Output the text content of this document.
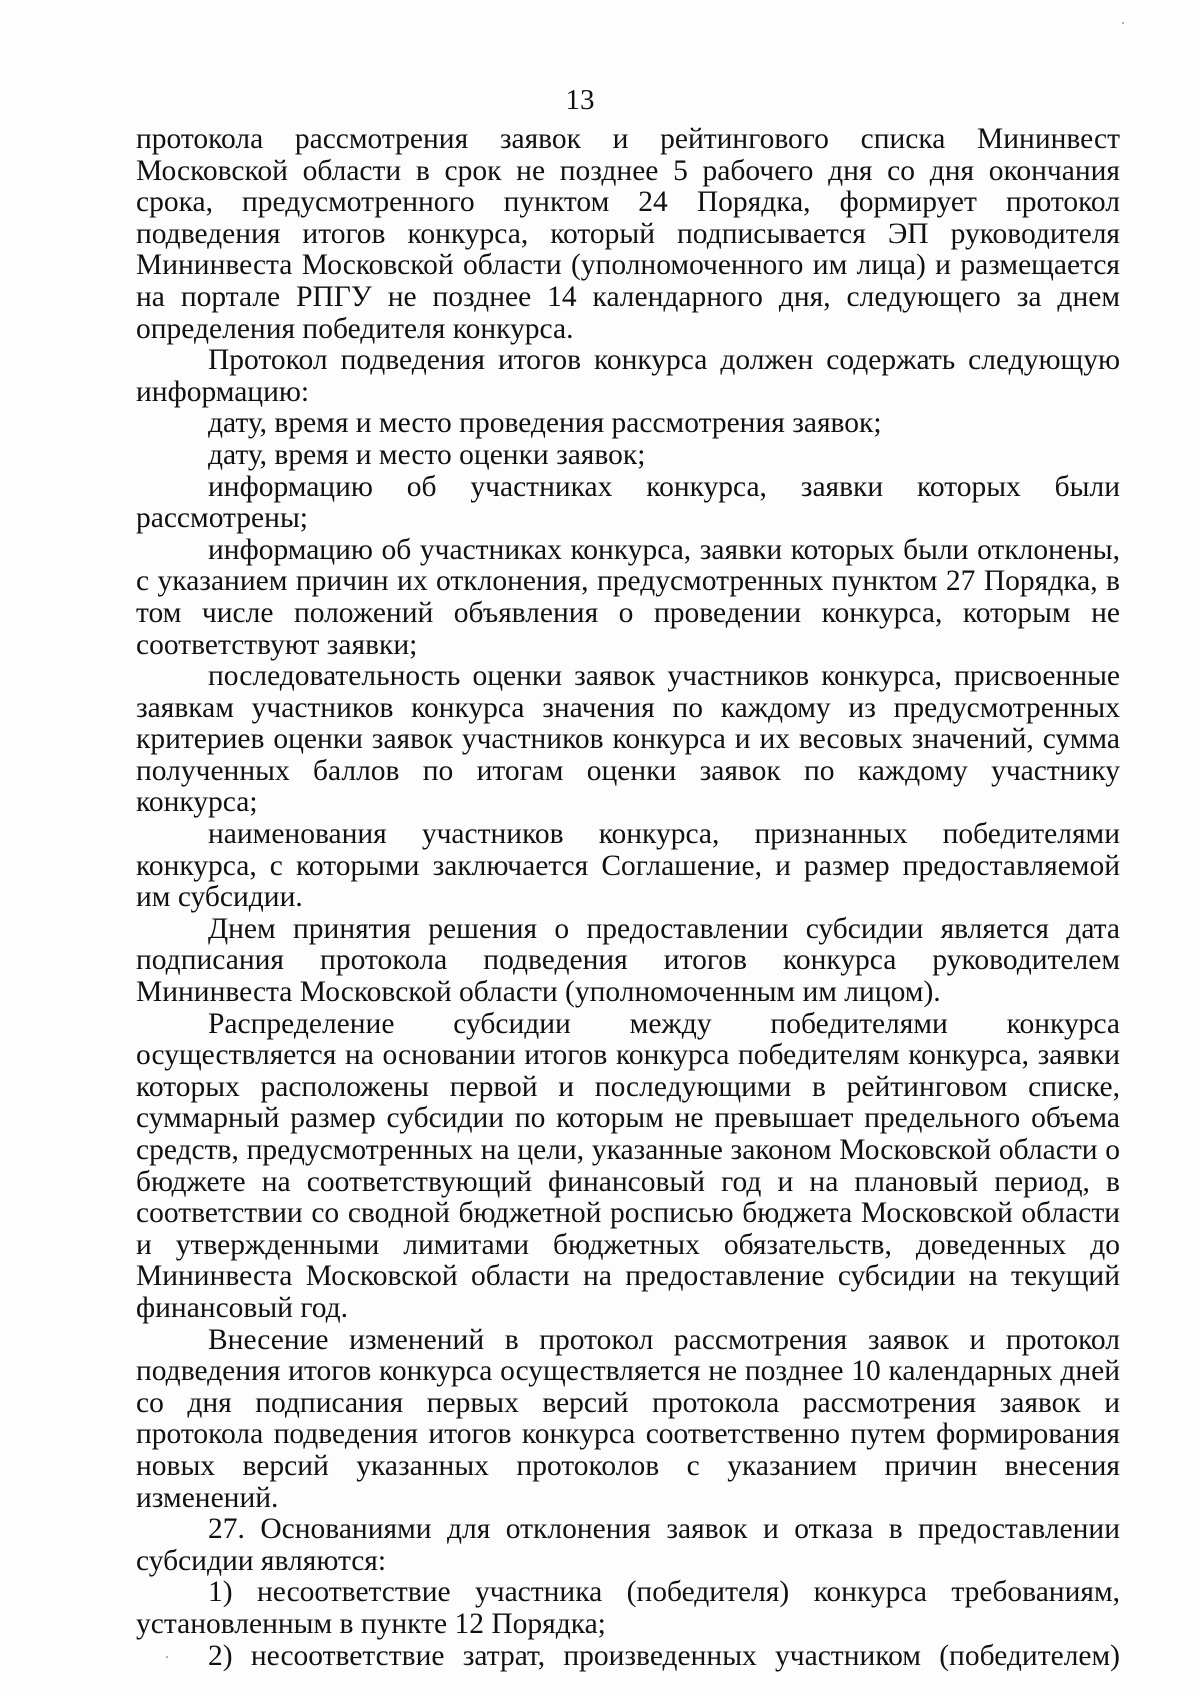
13

протокола рассмотрения заявок и рейтингового списка Мининвест Московской области в срок не позднее 5 рабочего дня со дня окончания срока, предусмотренного пунктом 24 Порядка, формирует протокол подведения итогов конкурса, который подписывается ЭП руководителя Мининвеста Московской области (уполномоченного им лица) и размещается на портале РПГУ не позднее 14 календарного дня, следующего за днем определения победителя конкурса.

Протокол подведения итогов конкурса должен содержать следующую информацию:

дату, время и место проведения рассмотрения заявок;

дату, время и место оценки заявок;

информацию об участниках конкурса, заявки которых были рассмотрены;

информацию об участниках конкурса, заявки которых были отклонены, с указанием причин их отклонения, предусмотренных пунктом 27 Порядка, в том числе положений объявления о проведении конкурса, которым не соответствуют заявки;

последовательность оценки заявок участников конкурса, присвоенные заявкам участников конкурса значения по каждому из предусмотренных критериев оценки заявок участников конкурса и их весовых значений, сумма полученных баллов по итогам оценки заявок по каждому участнику конкурса;

наименования участников конкурса, признанных победителями конкурса, с которыми заключается Соглашение, и размер предоставляемой им субсидии.

Днем принятия решения о предоставлении субсидии является дата подписания протокола подведения итогов конкурса руководителем Мининвеста Московской области (уполномоченным им лицом).

Распределение субсидии между победителями конкурса осуществляется на основании итогов конкурса победителям конкурса, заявки которых расположены первой и последующими в рейтинговом списке, суммарный размер субсидии по которым не превышает предельного объема средств, предусмотренных на цели, указанные законом Московской области о бюджете на соответствующий финансовый год и на плановый период, в соответствии со сводной бюджетной росписью бюджета Московской области и утвержденными лимитами бюджетных обязательств, доведенных до Мининвеста Московской области на предоставление субсидии на текущий финансовый год.

Внесение изменений в протокол рассмотрения заявок и протокол подведения итогов конкурса осуществляется не позднее 10 календарных дней со дня подписания первых версий протокола рассмотрения заявок и протокола подведения итогов конкурса соответственно путем формирования новых версий указанных протоколов с указанием причин внесения изменений.

27. Основаниями для отклонения заявок и отказа в предоставлении субсидии являются:

1) несоответствие участника (победителя) конкурса требованиям, установленным в пункте 12 Порядка;

2) несоответствие затрат, произведенных участником (победителем)
